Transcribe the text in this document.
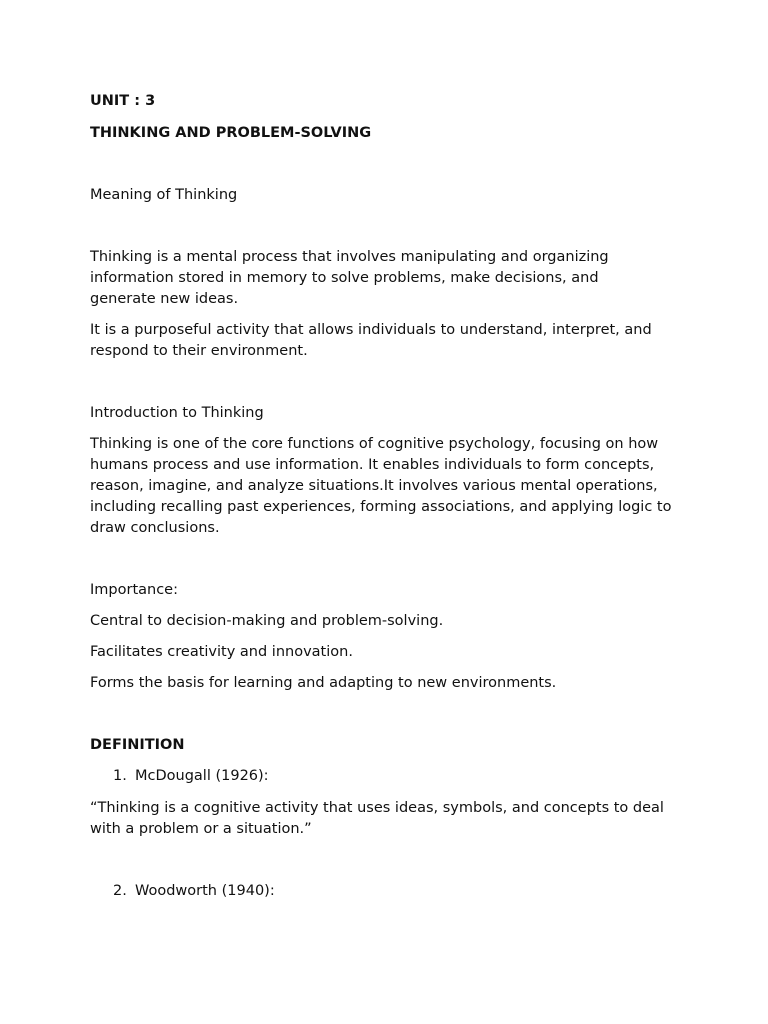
UNIT : 3

THINKING AND PROBLEM-SOLVING

Meaning of Thinking

Thinking is a mental process that involves manipulating and organizing information stored in memory to solve problems, make decisions, and generate new ideas.

It is a purposeful activity that allows individuals to understand, interpret, and respond to their environment.

Introduction to Thinking

Thinking is one of the core functions of cognitive psychology, focusing on how humans process and use information. It enables individuals to form concepts, reason, imagine, and analyze situations.It involves various mental operations, including recalling past experiences, forming associations, and applying logic to draw conclusions.

Importance:

Central to decision-making and problem-solving.

Facilitates creativity and innovation.

Forms the basis for learning and adapting to new environments.

DEFINITION

1. McDougall (1926):

“Thinking is a cognitive activity that uses ideas, symbols, and concepts to deal with a problem or a situation.”

2. Woodworth (1940):
